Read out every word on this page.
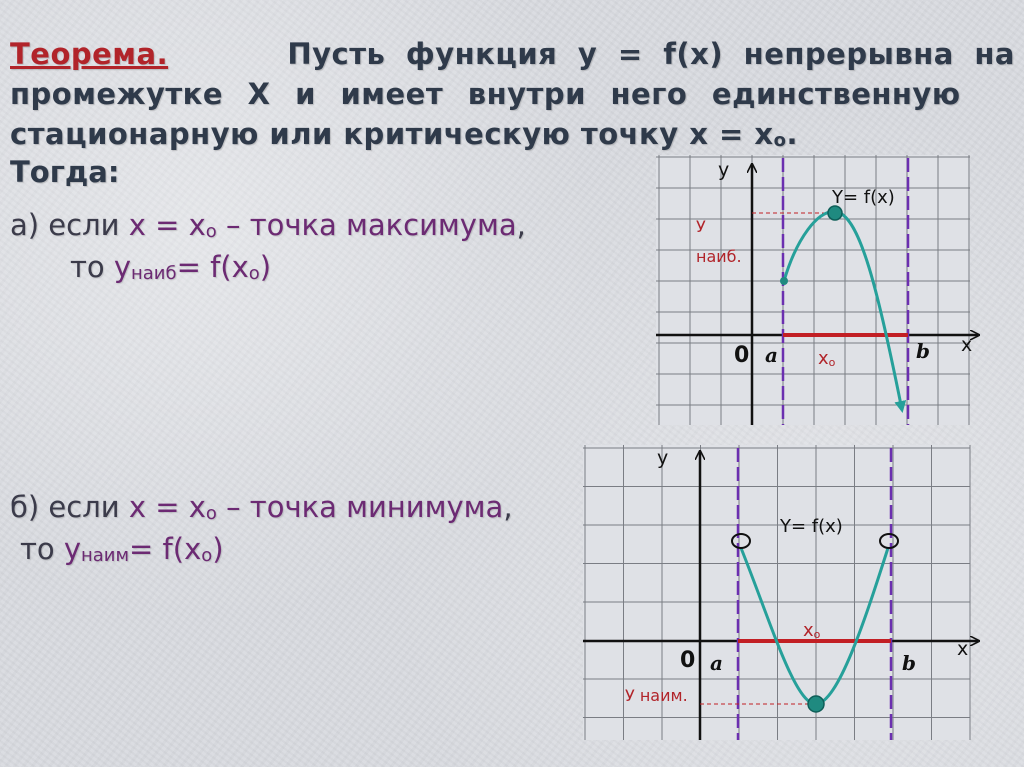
Теорема.	Пусть функция y = f(x) непрерывна на
промежутке X и имеет внутри него единственную
стационарную или критическую точку x = xo.
Тогда:
а) если x = xo – точка максимума,
то yнаиб= f(xo)
б) если x = xo – точка минимума,
то yнаим= f(xo)
y
x
0 a	b
xo
Y= f(x)
У
наиб.
y
x
0 a	b
xo
Y= f(x)
У наим.
